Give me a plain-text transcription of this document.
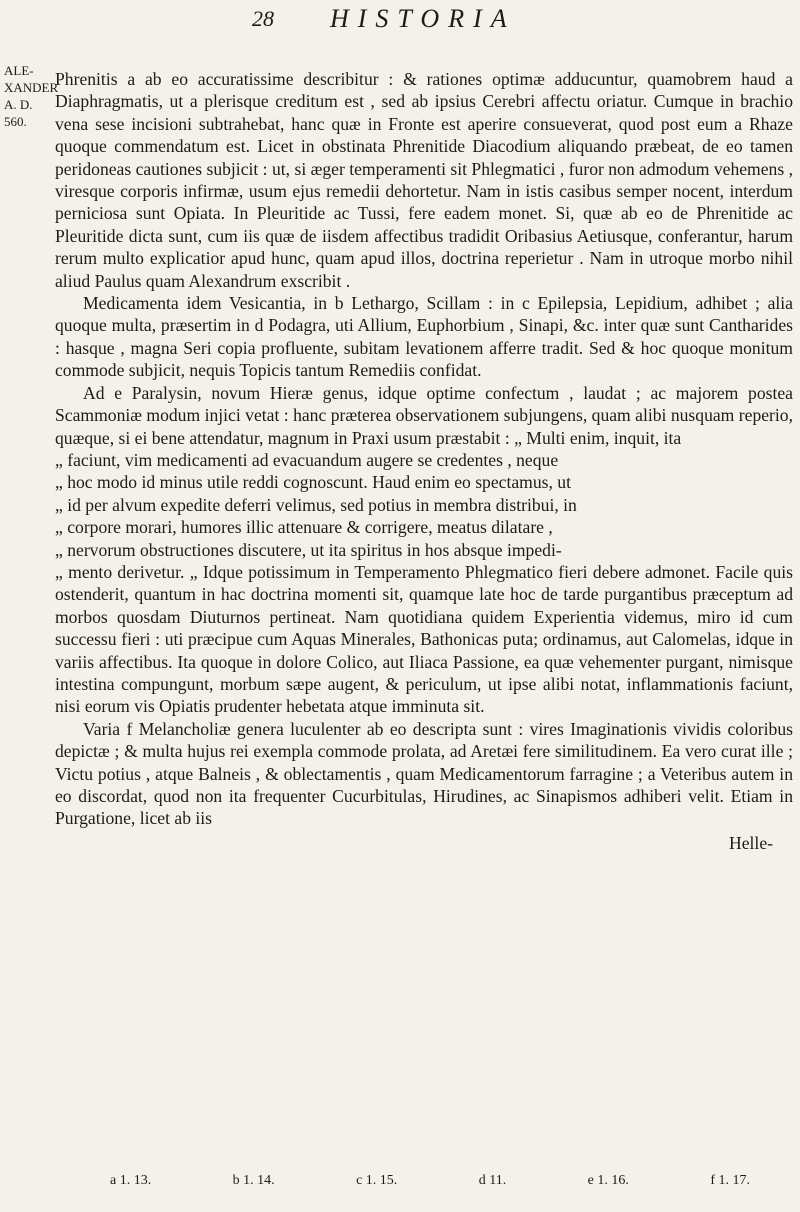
28 HISTORIA
ALE-
XANDER
A. D.
560.

Phrenitis a ab eo accuratissime describitur : & rationes optimæ adducuntur, quamobrem haud a Diaphragmatis, ut a plerisque creditum est , sed ab ipsius Cerebri affectu oriatur. Cumque in brachio vena sese incisioni subtrahebat, hanc quæ in Fronte est aperire consueverat, quod post eum a Rhaze quoque commendatum est. Licet in obstinata Phrenitide Diacodium aliquando præbeat, de eo tamen peridoneas cautiones subjicit : ut, si æger temperamenti sit Phlegmatici , furor non admodum vehemens , viresque corporis infirmæ, usum ejus remedii dehortetur. Nam in istis casibus semper nocent, interdum perniciosa sunt Opiata. In Pleuritide ac Tussi, fere eadem monet. Si, quæ ab eo de Phrenitide ac Pleuritide dicta sunt, cum iis quæ de iisdem affectibus tradidit Oribasius Aetiusque, conferantur, harum rerum multo explicatior apud hunc, quam apud illos, doctrina reperietur . Nam in utroque morbo nihil aliud Paulus quam Alexandrum exscribit .

Medicamenta idem Vesicantia, in b Lethargo, Scillam : in c Epilepsia, Lepidium, adhibet ; alia quoque multa, præsertim in d Podagra, uti Allium, Euphorbium , Sinapi, &c. inter quæ sunt Cantharides : hasque , magna Seri copia profluente, subitam levationem afferre tradit. Sed & hoc quoque monitum commode subjicit, nequis Topicis tantum Remediis confidat.

Ad e Paralysin, novum Hieræ genus, idque optime confectum , laudat ; ac majorem postea Scammoniæ modum injici vetat : hanc præterea observationem subjungens, quam alibi nusquam reperio, quæque, si ei bene attendatur, magnum in Praxi usum præstabit : „ Multi enim, inquit, ita

„ faciunt, vim medicamenti ad evacuandum augere se credentes , neque

„ hoc modo id minus utile reddi cognoscunt. Haud enim eo spectamus, ut

„ id per alvum expedite deferri velimus, sed potius in membra distribui, in

„ corpore morari, humores illic attenuare & corrigere, meatus dilatare ,

„ nervorum obstructiones discutere, ut ita spiritus in hos absque impedi-

„ mento derivetur. „ Idque potissimum in Temperamento Phlegmatico fieri debere admonet. Facile quis ostenderit, quantum in hac doctrina momenti sit, quamque late hoc de tarde purgantibus præceptum ad morbos quosdam Diuturnos pertineat. Nam quotidiana quidem Experientia videmus, miro id cum successu fieri : uti præcipue cum Aquas Minerales, Bathonicas puta; ordinamus, aut Calomelas, idque in variis affectibus. Ita quoque in dolore Colico, aut Iliaca Passione, ea quæ vehementer purgant, nimisque intestina compungunt, morbum sæpe augent, & periculum, ut ipse alibi notat, inflammationis faciunt, nisi eorum vis Opiatis prudenter hebetata atque imminuta sit.

Varia f Melancholiæ genera luculenter ab eo descripta sunt : vires Imaginationis vividis coloribus depictæ ; & multa hujus rei exempla commode prolata, ad Aretæi fere similitudinem. Ea vero curat ille ; Victu potius , atque Balneis , & oblectamentis , quam Medicamentorum farragine ; a Veteribus autem in eo discordat, quod non ita frequenter Cucurbitulas, Hirudines, ac Sinapismos adhiberi velit. Etiam in Purgatione, licet ab iis

Helle-
a 1. 13.	b 1. 14.	c 1. 15.	d 11.	e 1. 16.	f 1. 17.
